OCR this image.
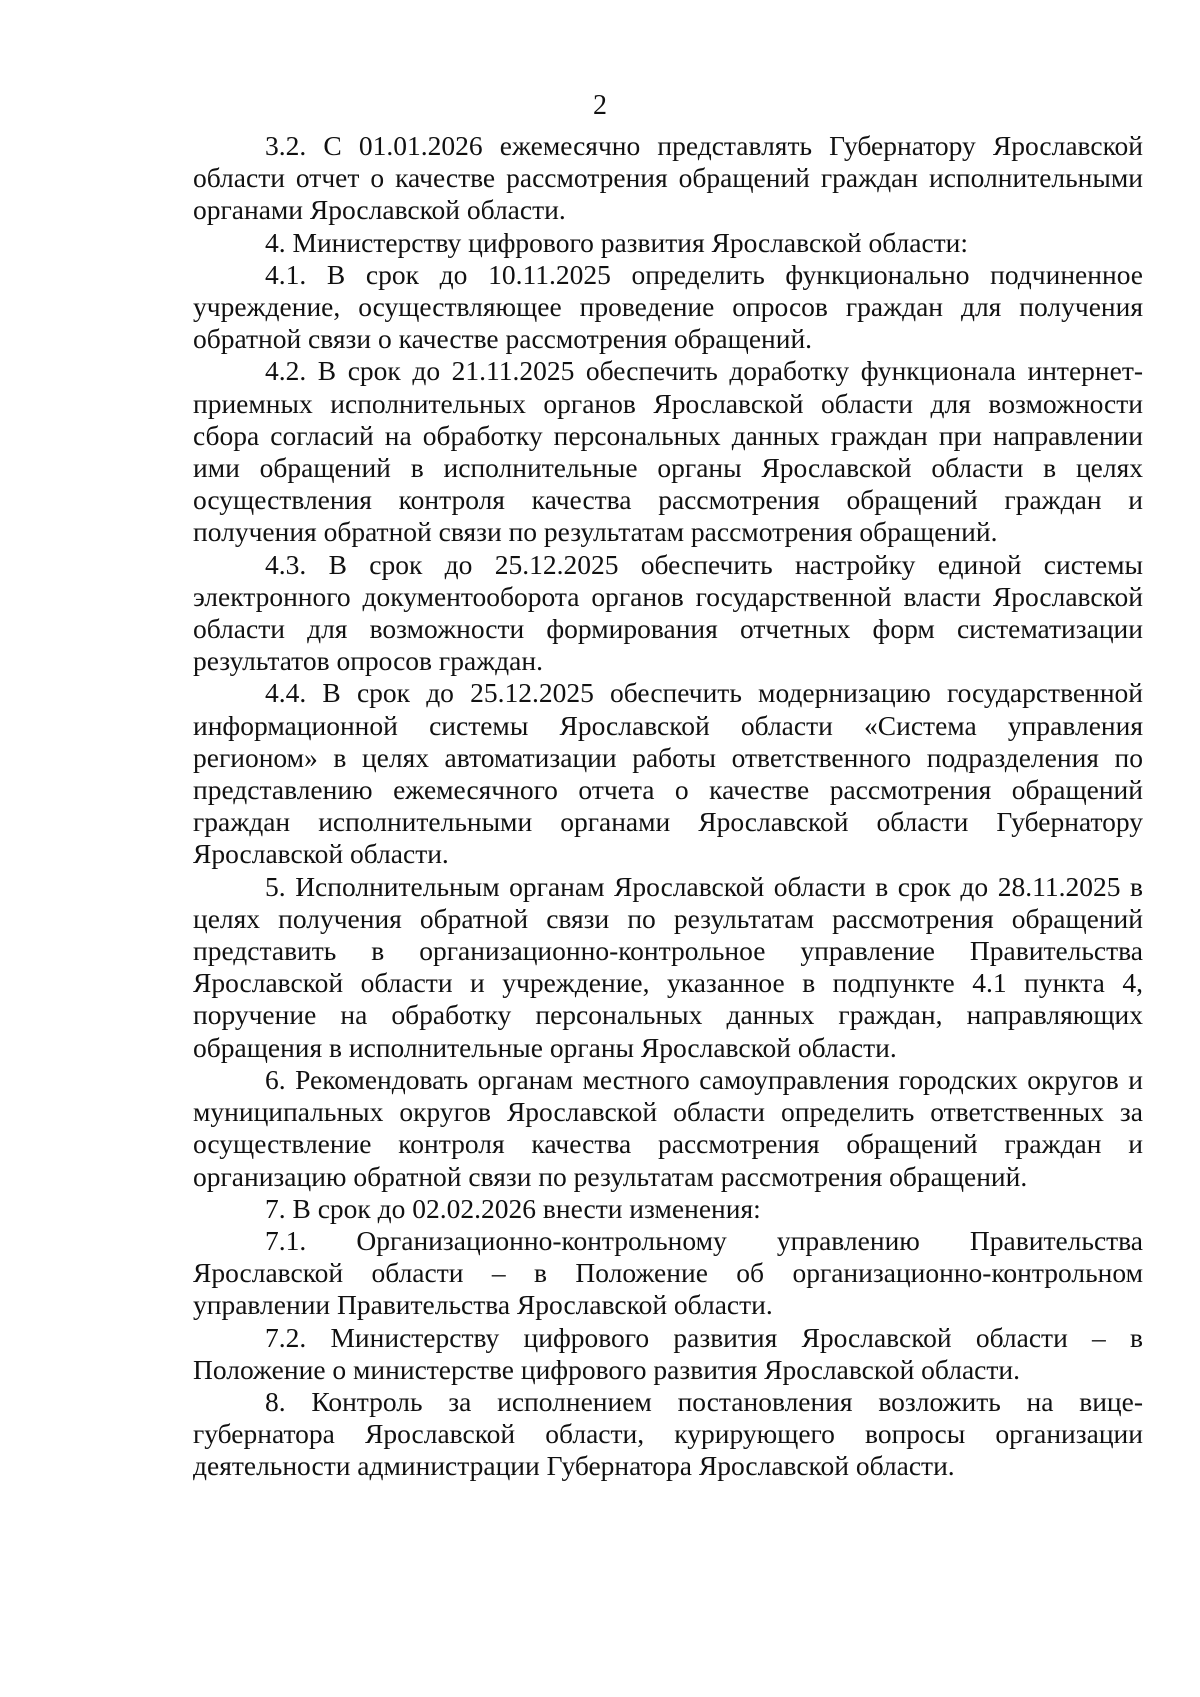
2

3.2. С 01.01.2026 ежемесячно представлять Губернатору Ярославской области отчет о качестве рассмотрения обращений граждан исполнительными органами Ярославской области.

4. Министерству цифрового развития Ярославской области:

4.1. В срок до 10.11.2025 определить функционально подчиненное учреждение, осуществляющее проведение опросов граждан для получения обратной связи о качестве рассмотрения обращений.

4.2. В срок до 21.11.2025 обеспечить доработку функционала интернет-приемных исполнительных органов Ярославской области для возможности сбора согласий на обработку персональных данных граждан при направлении ими обращений в исполнительные органы Ярославской области в целях осуществления контроля качества рассмотрения обращений граждан и получения обратной связи по результатам рассмотрения обращений.

4.3. В срок до 25.12.2025 обеспечить настройку единой системы электронного документооборота органов государственной власти Ярославской области для возможности формирования отчетных форм систематизации результатов опросов граждан.

4.4. В срок до 25.12.2025 обеспечить модернизацию государственной информационной системы Ярославской области «Система управления регионом» в целях автоматизации работы ответственного подразделения по представлению ежемесячного отчета о качестве рассмотрения обращений граждан исполнительными органами Ярославской области Губернатору Ярославской области.

5. Исполнительным органам Ярославской области в срок до 28.11.2025 в целях получения обратной связи по результатам рассмотрения обращений представить в организационно-контрольное управление Правительства Ярославской области и учреждение, указанное в подпункте 4.1 пункта 4, поручение на обработку персональных данных граждан, направляющих обращения в исполнительные органы Ярославской области.

6. Рекомендовать органам местного самоуправления городских округов и муниципальных округов Ярославской области определить ответственных за осуществление контроля качества рассмотрения обращений граждан и организацию обратной связи по результатам рассмотрения обращений.

7. В срок до 02.02.2026 внести изменения:

7.1. Организационно-контрольному управлению Правительства Ярославской области – в Положение об организационно-контрольном управлении Правительства Ярославской области.

7.2. Министерству цифрового развития Ярославской области – в Положение о министерстве цифрового развития Ярославской области.

8. Контроль за исполнением постановления возложить на вице-губернатора Ярославской области, курирующего вопросы организации деятельности администрации Губернатора Ярославской области.
